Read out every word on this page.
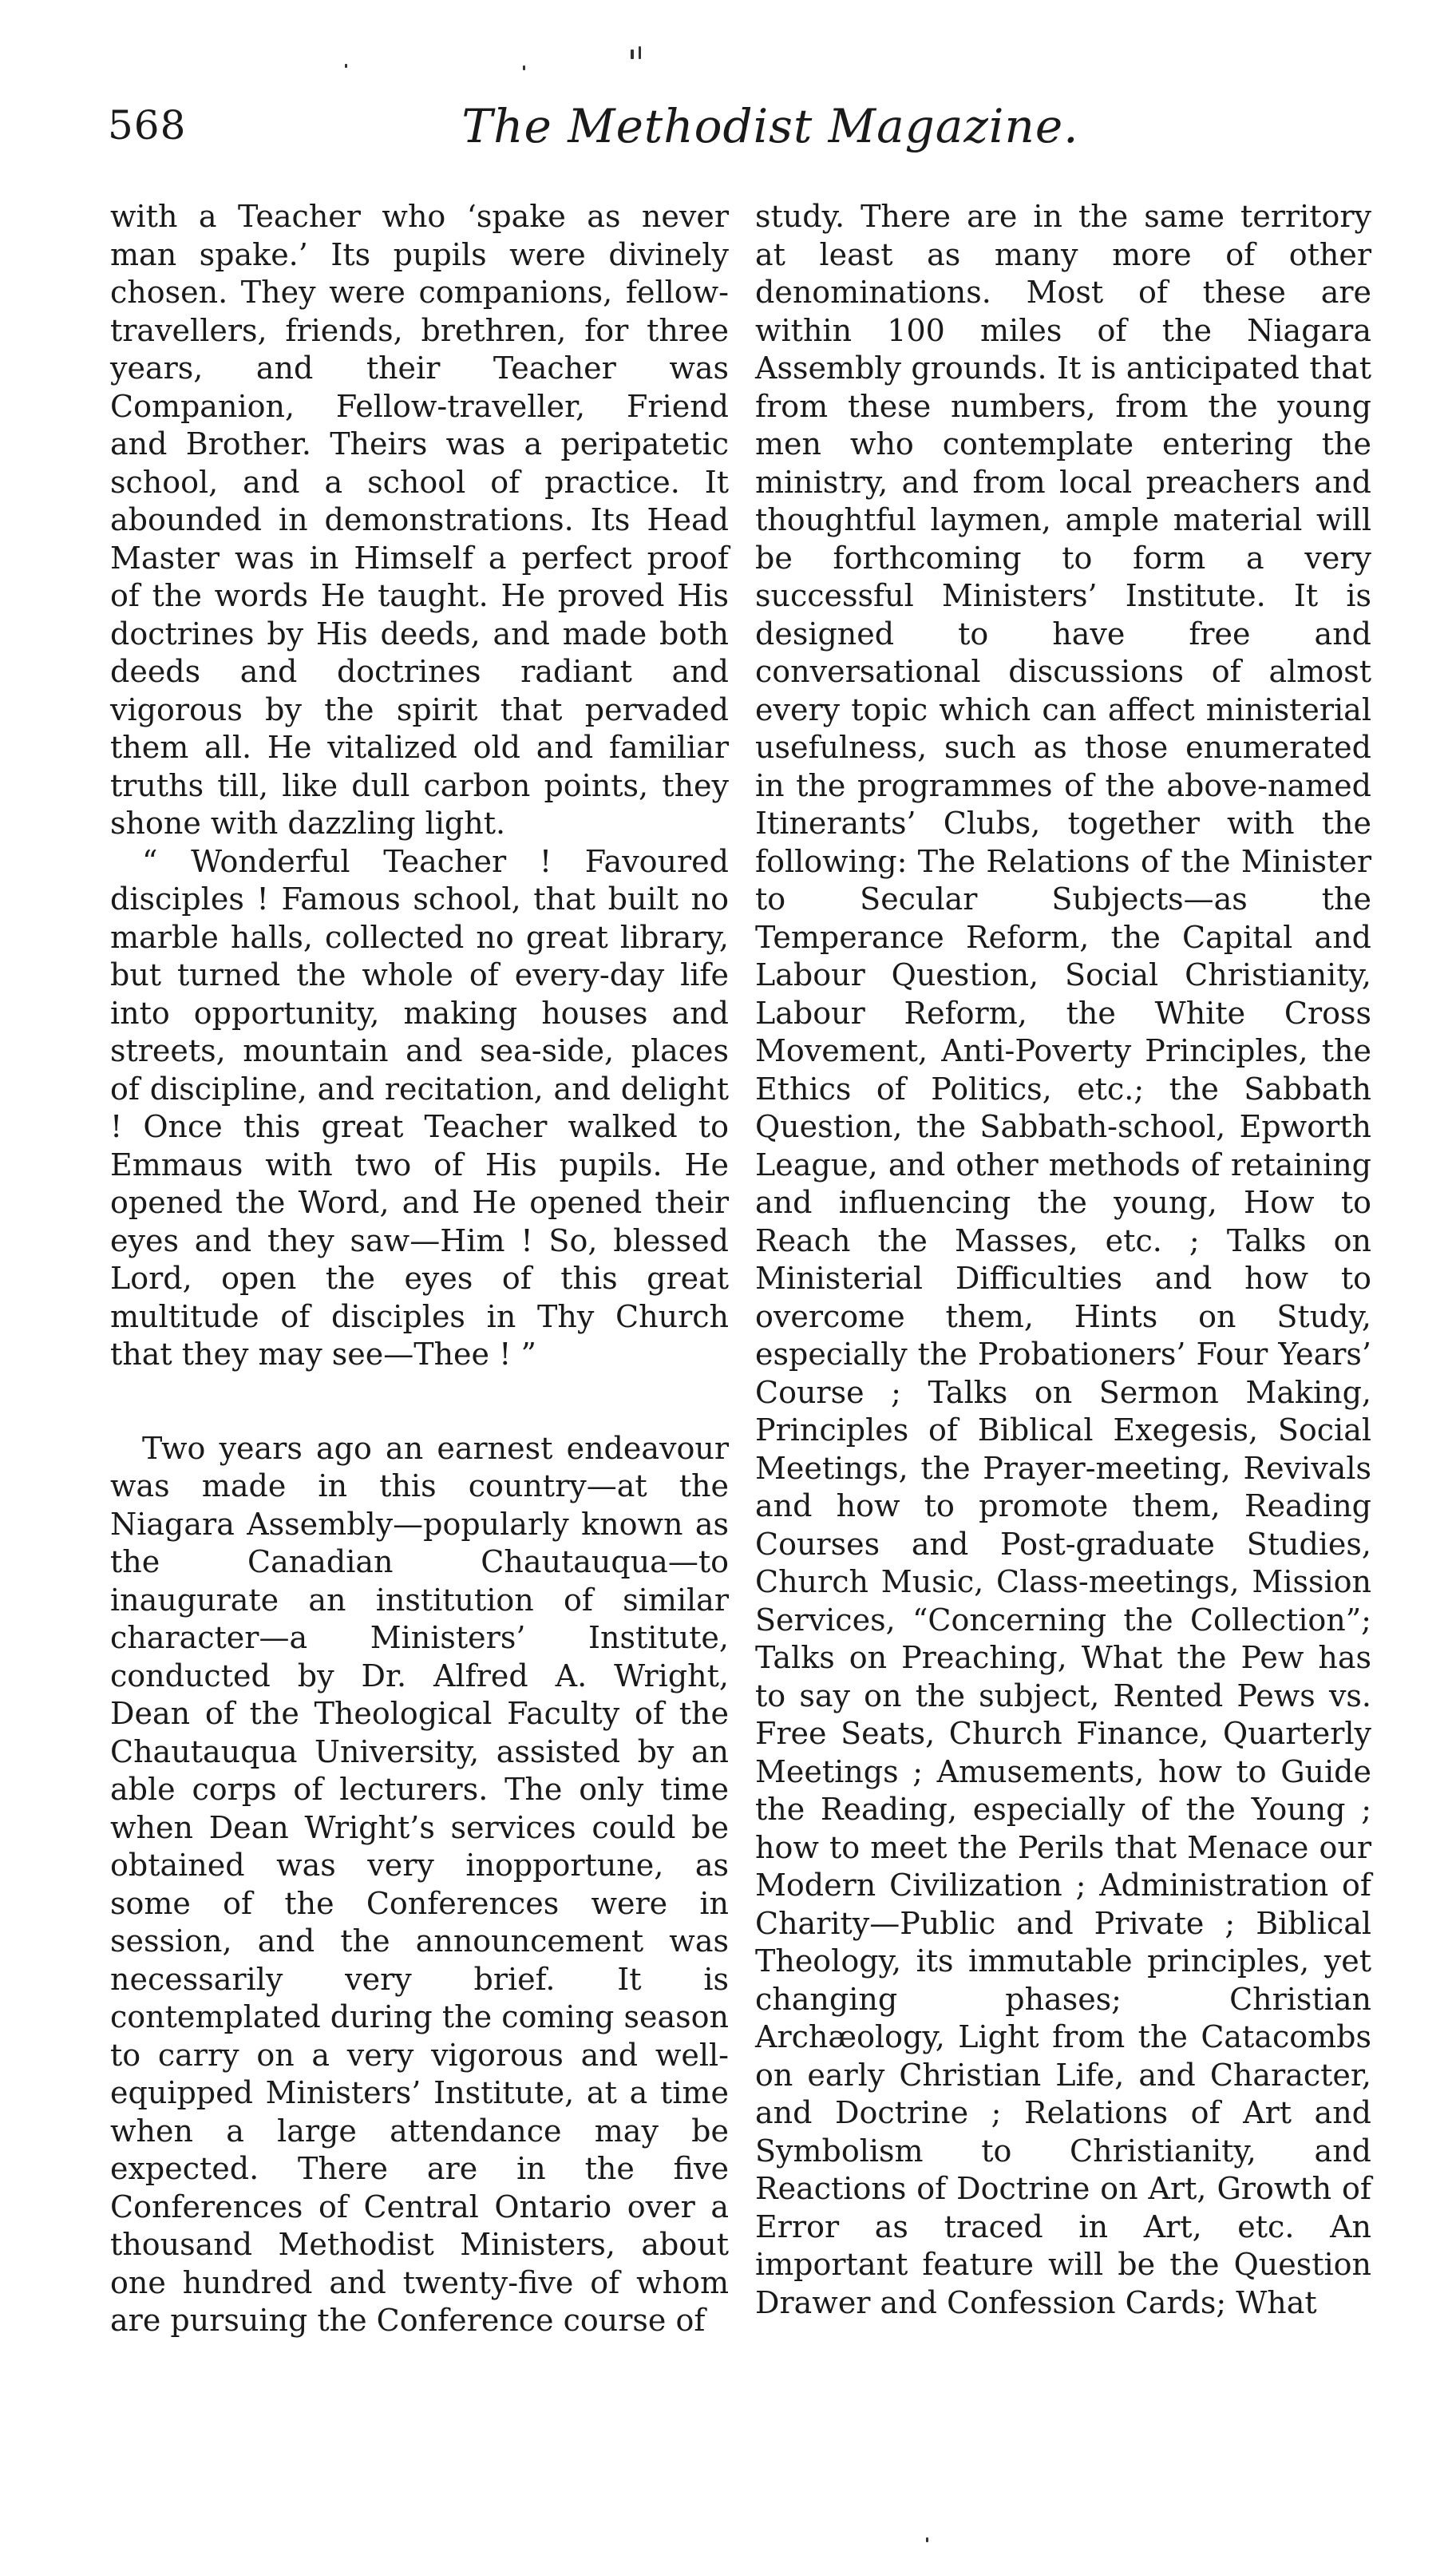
568	The Methodist Magazine.

with a Teacher who ‘spake as never man spake.’ Its pupils were divinely chosen. They were companions, fellow-travellers, friends, brethren, for three years, and their Teacher was Companion, Fellow-traveller, Friend and Brother. Theirs was a peripatetic school, and a school of practice. It abounded in demonstrations. Its Head Master was in Himself a perfect proof of the words He taught. He proved His doctrines by His deeds, and made both deeds and doctrines radiant and vigorous by the spirit that pervaded them all. He vitalized old and familiar truths till, like dull carbon points, they shone with dazzling light.

“ Wonderful Teacher ! Favoured disciples ! Famous school, that built no marble halls, collected no great library, but turned the whole of every-day life into opportunity, making houses and streets, mountain and sea-side, places of discipline, and recitation, and delight ! Once this great Teacher walked to Emmaus with two of His pupils. He opened the Word, and He opened their eyes and they saw—Him ! So, blessed Lord, open the eyes of this great multitude of disciples in Thy Church that they may see—Thee ! ”

Two years ago an earnest endeavour was made in this country—at the Niagara Assembly—popularly known as the Canadian Chautauqua—to inaugurate an institution of similar character—a Ministers’ Institute, conducted by Dr. Alfred A. Wright, Dean of the Theological Faculty of the Chautauqua University, assisted by an able corps of lecturers. The only time when Dean Wright’s services could be obtained was very inopportune, as some of the Conferences were in session, and the announcement was necessarily very brief. It is contemplated during the coming season to carry on a very vigorous and well-equipped Ministers’ Institute, at a time when a large attendance may be expected. There are in the five Conferences of Central Ontario over a thousand Methodist Ministers, about one hundred and twenty-five of whom are pursuing the Conference course of

study. There are in the same territory at least as many more of other denominations. Most of these are within 100 miles of the Niagara Assembly grounds. It is anticipated that from these numbers, from the young men who contemplate entering the ministry, and from local preachers and thoughtful laymen, ample material will be forthcoming to form a very successful Ministers’ Institute. It is designed to have free and conversational discussions of almost every topic which can affect ministerial usefulness, such as those enumerated in the programmes of the above-named Itinerants’ Clubs, together with the following: The Relations of the Minister to Secular Subjects—as the Temperance Reform, the Capital and Labour Question, Social Christianity, Labour Reform, the White Cross Movement, Anti-Poverty Principles, the Ethics of Politics, etc.; the Sabbath Question, the Sabbath-school, Epworth League, and other methods of retaining and influencing the young, How to Reach the Masses, etc. ; Talks on Ministerial Difficulties and how to overcome them, Hints on Study, especially the Probationers’ Four Years’ Course ; Talks on Sermon Making, Principles of Biblical Exegesis, Social Meetings, the Prayer-meeting, Revivals and how to promote them, Reading Courses and Post-graduate Studies, Church Music, Class-meetings, Mission Services, “Concerning the Collection”; Talks on Preaching, What the Pew has to say on the subject, Rented Pews vs. Free Seats, Church Finance, Quarterly Meetings ; Amusements, how to Guide the Reading, especially of the Young ; how to meet the Perils that Menace our Modern Civilization ; Administration of Charity—Public and Private ; Biblical Theology, its immutable principles, yet changing phases; Christian Archæology, Light from the Catacombs on early Christian Life, and Character, and Doctrine ; Relations of Art and Symbolism to Christianity, and Reactions of Doctrine on Art, Growth of Error as traced in Art, etc. An important feature will be the Question Drawer and Confession Cards; What
